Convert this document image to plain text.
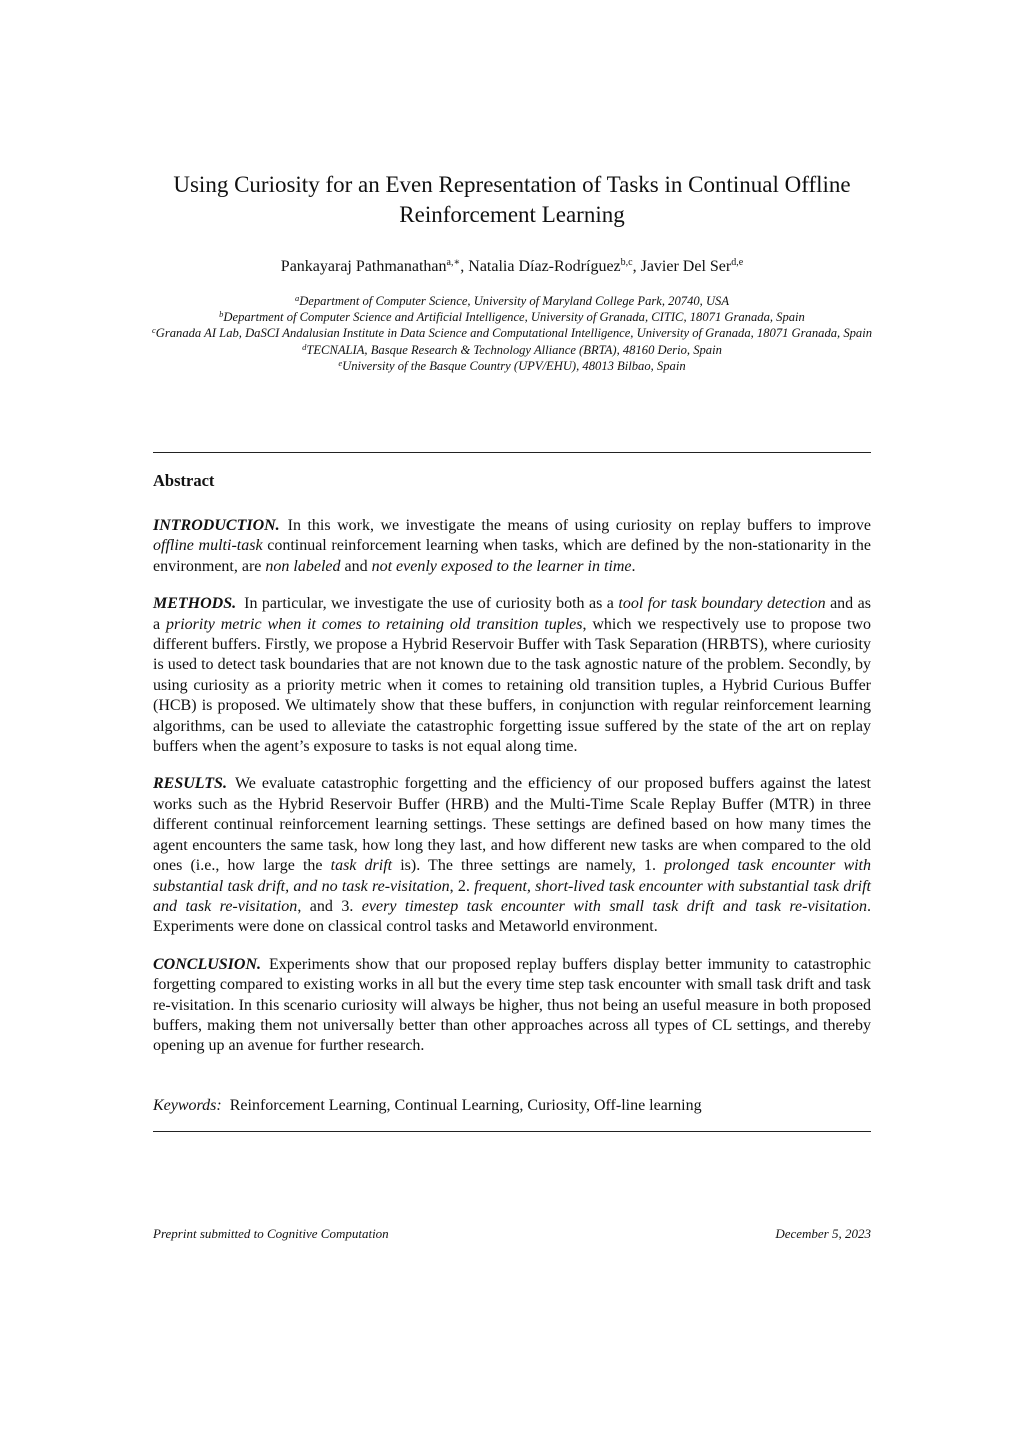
Using Curiosity for an Even Representation of Tasks in Continual Offline Reinforcement Learning
Pankayaraj Pathmanathan$^{a,∗}$, Natalia Díaz-Rodríguez$^{b,c}$, Javier Del Ser$^{d,e}$
$^a$Department of Computer Science, University of Maryland College Park, 20740, USA
$^b$Department of Computer Science and Artificial Intelligence, University of Granada, CITIC, 18071 Granada, Spain
$^c$Granada AI Lab, DaSCI Andalusian Institute in Data Science and Computational Intelligence, University of Granada, 18071 Granada, Spain
$^d$TECNALIA, Basque Research & Technology Alliance (BRTA), 48160 Derio, Spain
$^e$University of the Basque Country (UPV/EHU), 48013 Bilbao, Spain
Abstract

INTRODUCTION. In this work, we investigate the means of using curiosity on replay buffers to improve offline multi-task continual reinforcement learning when tasks, which are defined by the non-stationarity in the environment, are non labeled and not evenly exposed to the learner in time.

METHODS. In particular, we investigate the use of curiosity both as a tool for task boundary detection and as a priority metric when it comes to retaining old transition tuples, which we respectively use to propose two different buffers. Firstly, we propose a Hybrid Reservoir Buffer with Task Separation (HRBTS), where curiosity is used to detect task boundaries that are not known due to the task agnostic nature of the problem. Secondly, by using curiosity as a priority metric when it comes to retaining old transition tuples, a Hybrid Curious Buffer (HCB) is proposed. We ultimately show that these buffers, in conjunction with regular reinforcement learning algorithms, can be used to alleviate the catastrophic forgetting issue suffered by the state of the art on replay buffers when the agent’s exposure to tasks is not equal along time.

RESULTS. We evaluate catastrophic forgetting and the efficiency of our proposed buffers against the latest works such as the Hybrid Reservoir Buffer (HRB) and the Multi-Time Scale Replay Buffer (MTR) in three different continual reinforcement learning settings. These settings are defined based on how many times the agent encounters the same task, how long they last, and how different new tasks are when compared to the old ones (i.e., how large the task drift is). The three settings are namely, 1. prolonged task encounter with substantial task drift, and no task re-visitation, 2. frequent, short-lived task encounter with substantial task drift and task re-visitation, and 3. every timestep task encounter with small task drift and task re-visitation. Experiments were done on classical control tasks and Metaworld environment.

CONCLUSION. Experiments show that our proposed replay buffers display better immunity to catastrophic forgetting compared to existing works in all but the every time step task encounter with small task drift and task re-visitation. In this scenario curiosity will always be higher, thus not being an useful measure in both proposed buffers, making them not universally better than other approaches across all types of CL settings, and thereby opening up an avenue for further research.

Keywords: Reinforcement Learning, Continual Learning, Curiosity, Off-line learning
Preprint submitted to Cognitive Computation	December 5, 2023
